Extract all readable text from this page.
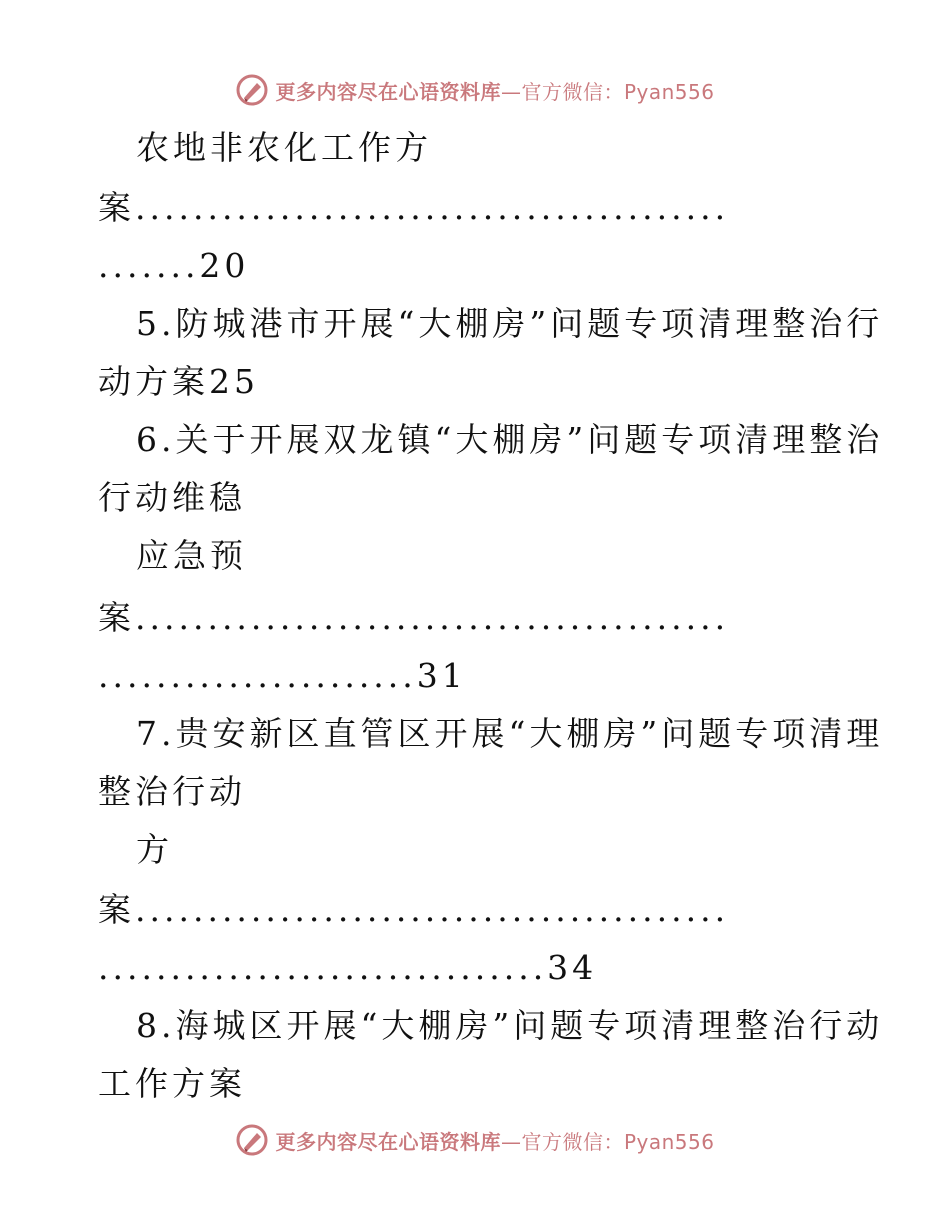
更多内容尽在心语资料库—官方微信：Pyan556
农地非农化工作方
案.........................................
.......20
5.防城港市开展“大棚房”问题专项清理整治行
动方案25
6.关于开展双龙镇“大棚房”问题专项清理整治
行动维稳
应急预
案.........................................
......................31
7.贵安新区直管区开展“大棚房”问题专项清理
整治行动
方
案.........................................
...............................34
8.海城区开展“大棚房”问题专项清理整治行动
工作方案
更多内容尽在心语资料库—官方微信：Pyan556
